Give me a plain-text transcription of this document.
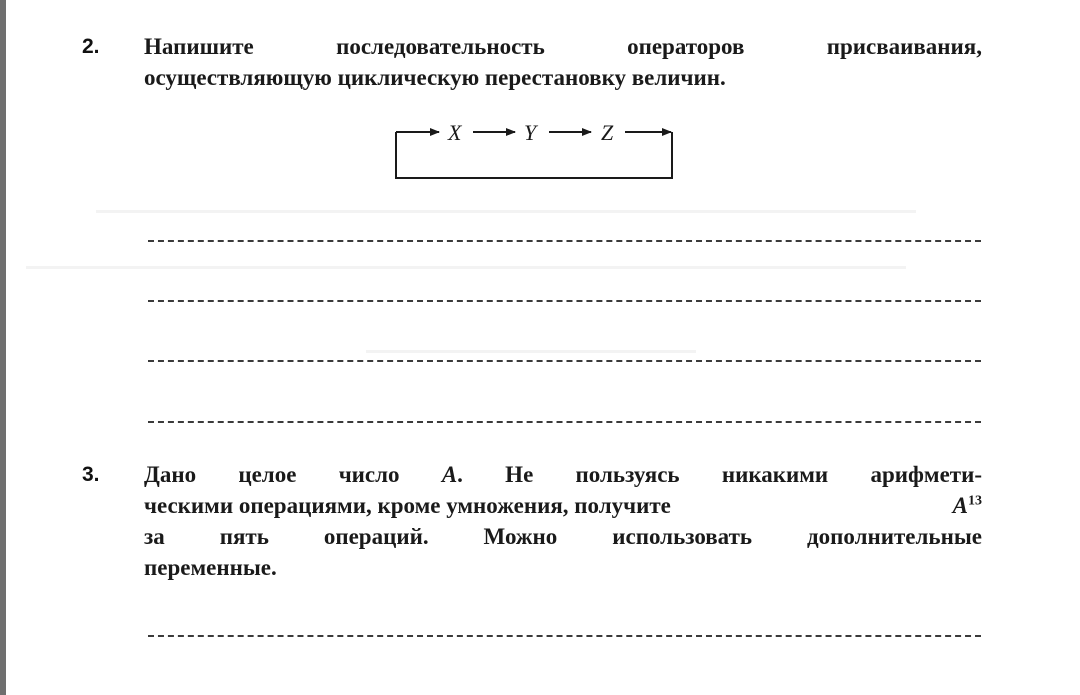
2. Напишите последовательность операторов присваивания,
осуществляющую циклическую перестановку величин.
X	Y	Z
3. Дано целое число A. Не пользуясь никакими арифмети-
ческими операциями, кроме умножения, получите	$A^{13}$
за пять операций. Можно использовать дополнительные
переменные.
